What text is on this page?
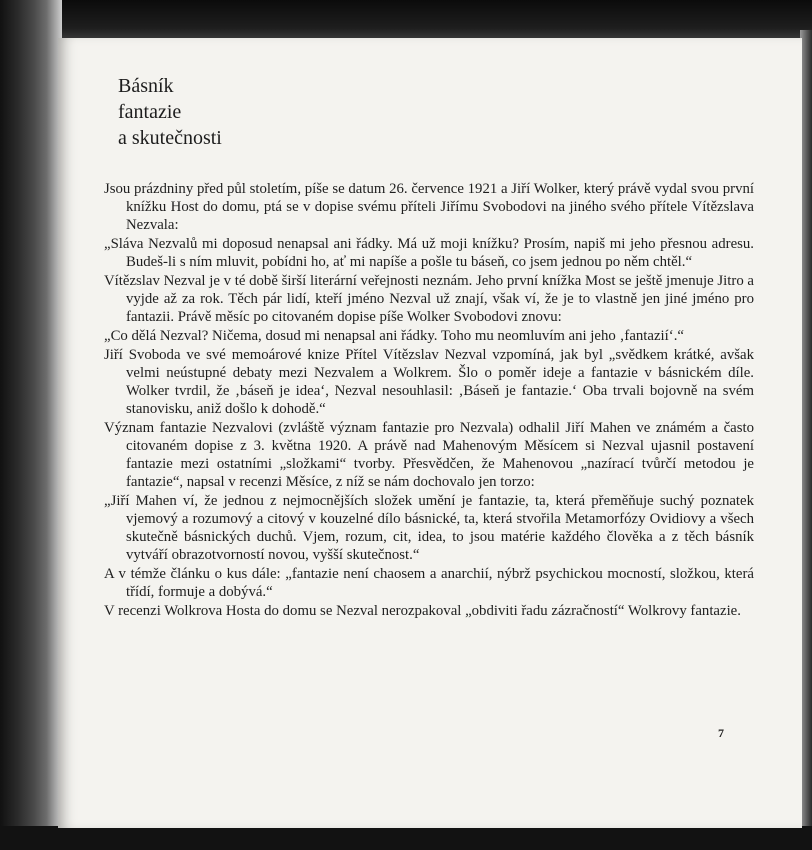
Básník
fantazie
a skutečnosti

Jsou prázdniny před půl stoletím, píše se datum 26. července 1921 a Jiří Wolker, který právě vydal svou první knížku Host do domu, ptá se v dopise svému příteli Jiřímu Svobodovi na jiného svého přítele Vítězslava Nezvala:

„Sláva Nezvalů mi doposud nenapsal ani řádky. Má už moji knížku? Prosím, napiš mi jeho přesnou adresu. Budeš-li s ním mluvit, pobídni ho, ať mi napíše a pošle tu báseň, co jsem jednou po něm chtěl.“

Vítězslav Nezval je v té době širší literární veřejnosti neznám. Jeho první knížka Most se ještě jmenuje Jitro a vyjde až za rok. Těch pár lidí, kteří jméno Nezval už znají, však ví, že je to vlastně jen jiné jméno pro fantazii. Právě měsíc po citovaném dopise píše Wolker Svobodovi znovu:

„Co dělá Nezval? Ničema, dosud mi nenapsal ani řádky. Toho mu neomluvím ani jeho ‚fantazií‘.“

Jiří Svoboda ve své memoárové knize Přítel Vítězslav Nezval vzpomíná, jak byl „svědkem krátké, avšak velmi neústupné debaty mezi Nezvalem a Wolkrem. Šlo o poměr ideje a fantazie v básnickém díle. Wolker tvrdil, že ‚báseň je idea‘, Nezval nesouhlasil: ‚Báseň je fantazie.‘ Oba trvali bojovně na svém stanovisku, aniž došlo k dohodě.“

Význam fantazie Nezvalovi (zvláště význam fantazie pro Nezvala) odhalil Jiří Mahen ve známém a často citovaném dopise z 3. května 1920. A právě nad Mahenovým Měsícem si Nezval ujasnil postavení fantazie mezi ostatními „složkami“ tvorby. Přesvědčen, že Mahenovou „nazírací tvůrčí metodou je fantazie“, napsal v recenzi Měsíce, z níž se nám dochovalo jen torzo:

„Jiří Mahen ví, že jednou z nejmocnějších složek umění je fantazie, ta, která přeměňuje suchý poznatek vjemový a rozumový a citový v kouzelné dílo básnické, ta, která stvořila Metamorfózy Ovidiovy a všech skutečně básnických duchů. Vjem, rozum, cit, idea, to jsou matérie každého člověka a z těch básník vytváří obrazotvorností novou, vyšší skutečnost.“

A v témže článku o kus dále: „fantazie není chaosem a anarchií, nýbrž psychickou mocností, složkou, která třídí, formuje a dobývá.“

V recenzi Wolkrova Hosta do domu se Nezval nerozpakoval „obdiviti řadu zázračností“ Wolkrovy fantazie.

7
